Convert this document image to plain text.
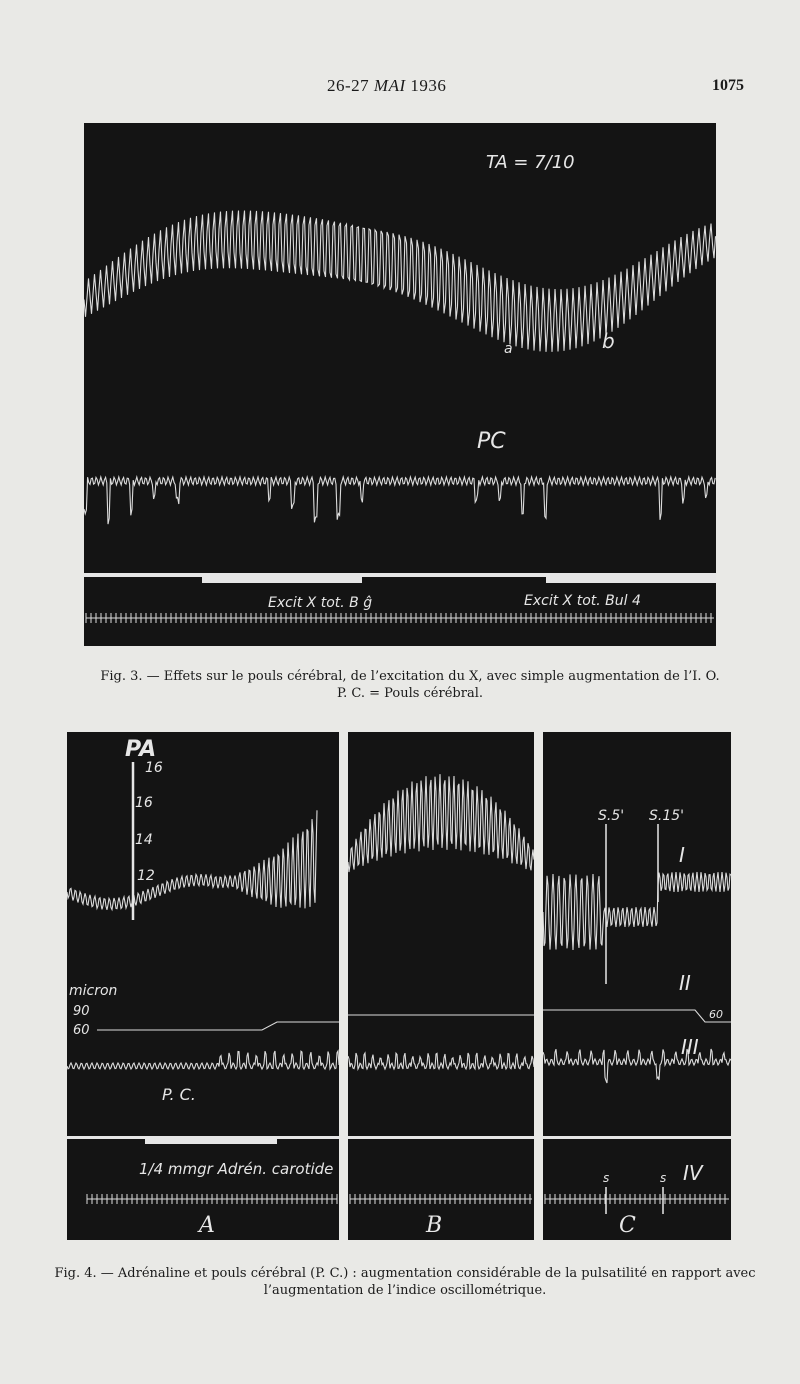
26-27 MAI 1936	1075
TA = 7/10
a	b
PC
Excit X tot. B ĝ	Excit X tot. Bul 4
Fig. 3. — Effets sur le pouls cérébral, de l’excitation du X, avec simple augmentation de l’I. O.
P. C. = Pouls cérébral.
PA
16
16
14
12
micron
90
60
P. C.
1/4 mmgr Adrén. carotide
A	B
S.5' S.15'
I
II
60
III
IV
s	s
C
Fig. 4. — Adrénaline et pouls cérébral (P. C.) : augmentation considérable de la pulsatilité en rapport avec
l’augmentation de l’indice oscillométrique.
